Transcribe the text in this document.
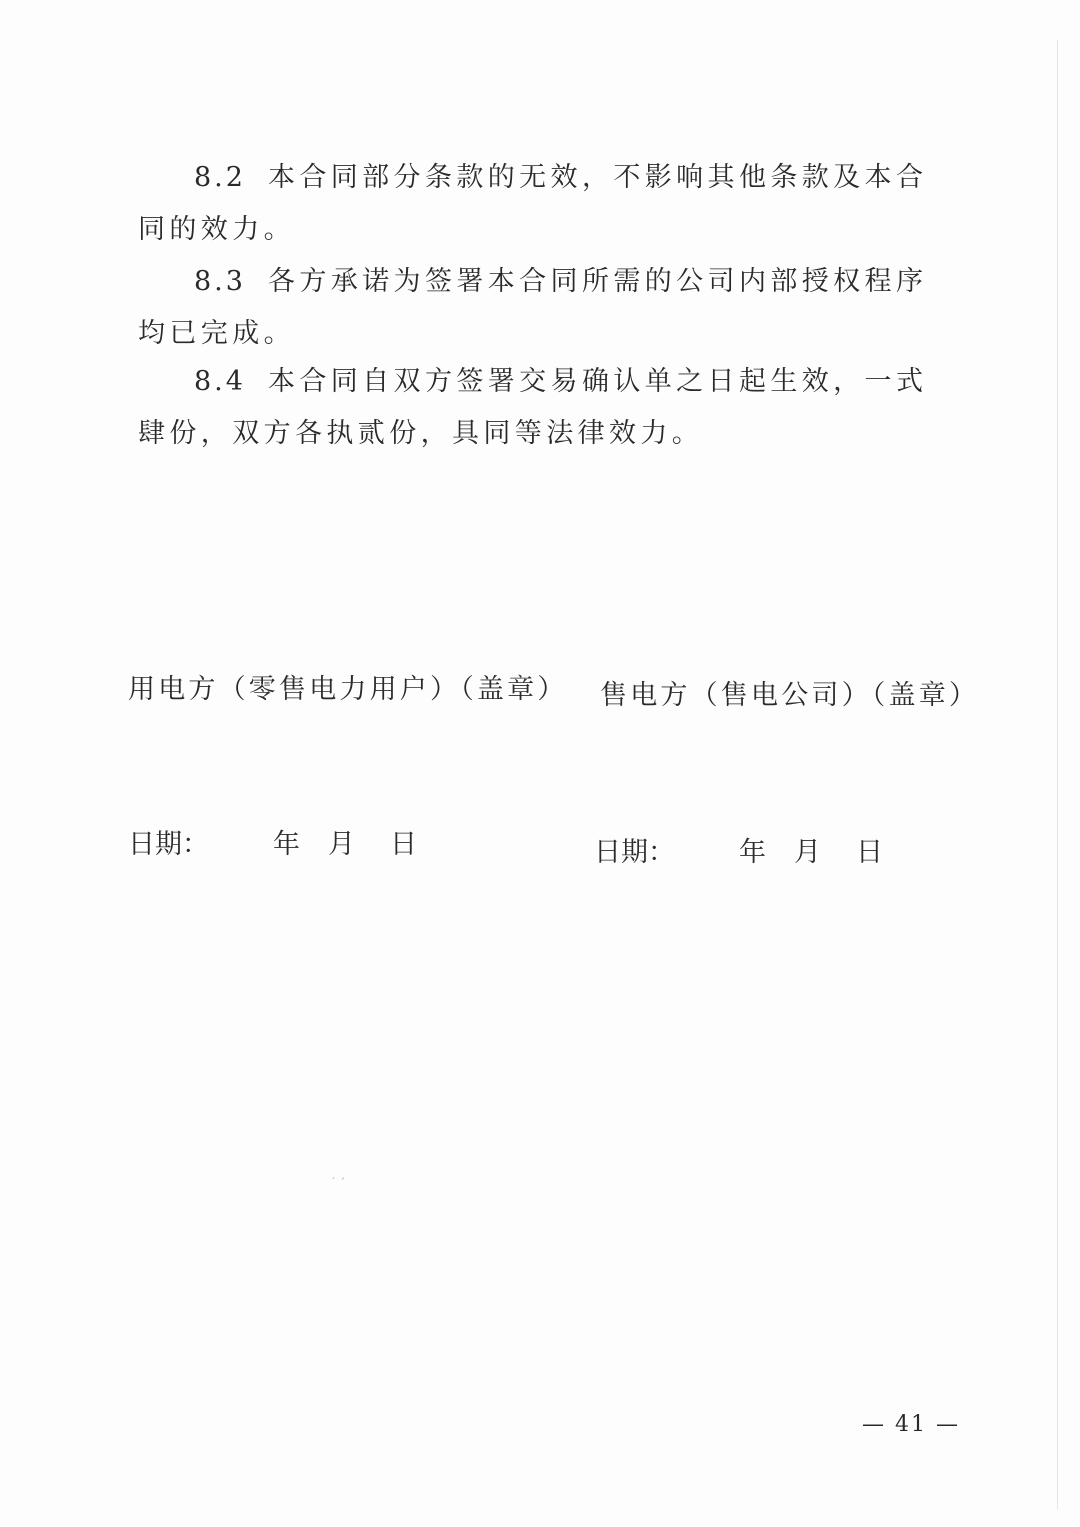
8.2 本合同部分条款的无效，不影响其他条款及本合同的效力。

8.3 各方承诺为签署本合同所需的公司内部授权程序均已完成。

8.4 本合同自双方签署交易确认单之日起生效，一式肆份，双方各执贰份，具同等法律效力。

用电方（零售电力用户）（盖章） 售电方（售电公司）（盖章）
日期： 年 月 日	日期： 年 月 日
˙ ′
— 41 —
